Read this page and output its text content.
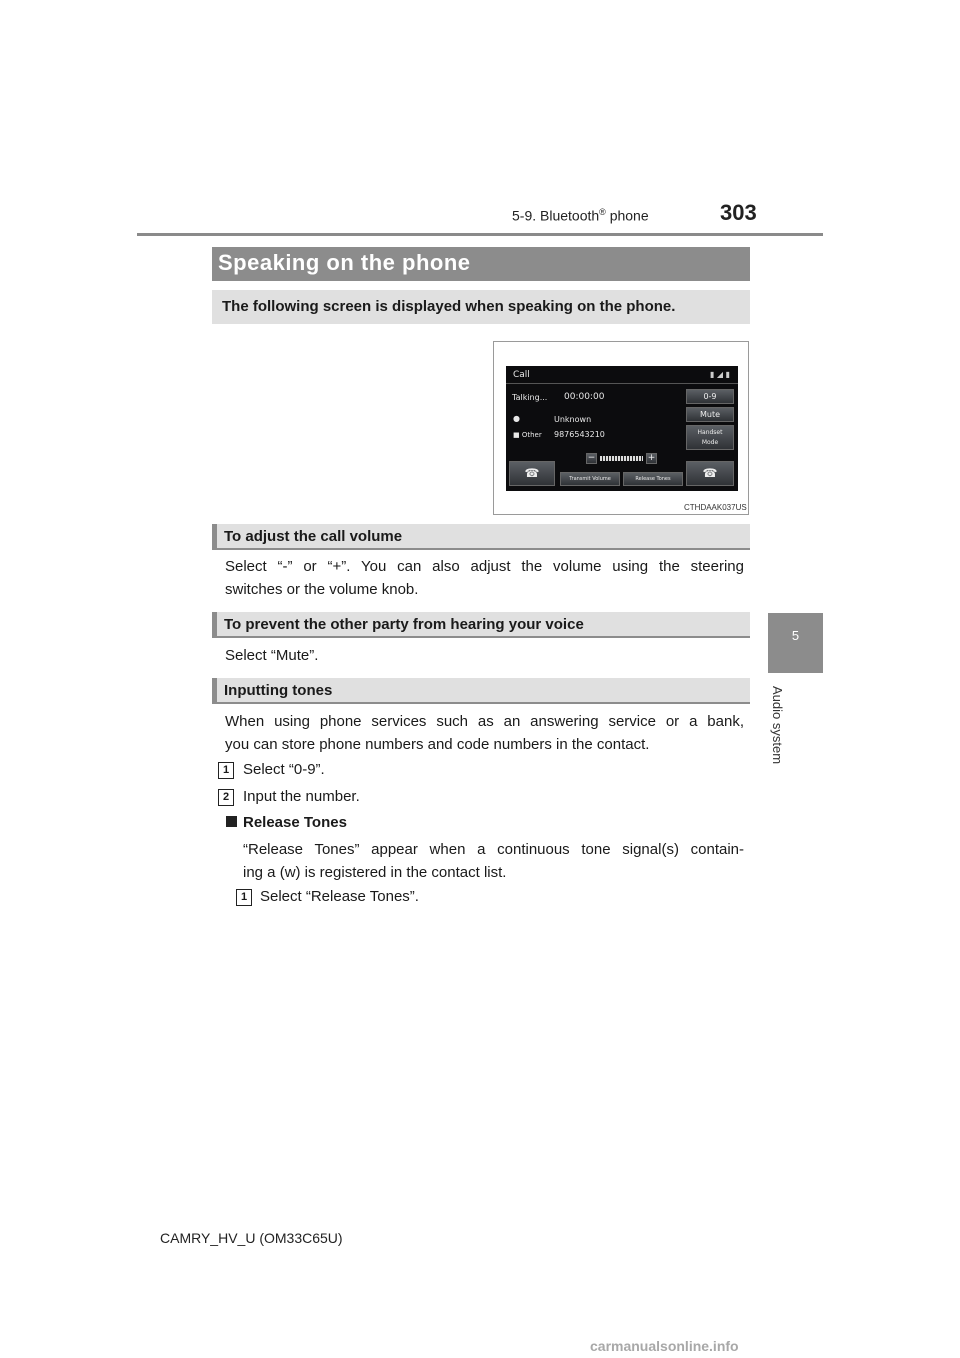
5-9. Bluetooth® phone	303
5
Audio system
Speaking on the phone
The following screen is displayed when speaking on the phone.
Call	▮ ◢ ▮
Talking... 00:00:00
●	Unknown
■ Other 9876543210
0-9
Mute
Handset
Mode
☎	☎
Transmit Volume	Release Tones
−	+
CTHDAAK037US
To adjust the call volume
Select “-” or “+”. You can also adjust the volume using the steering
switches or the volume knob.
To prevent the other party from hearing your voice
Select “Mute”.
Inputting tones
When using phone services such as an answering service or a bank,
you can store phone numbers and code numbers in the contact.
1 Select “0-9”.
2 Input the number.
Release Tones
“Release Tones” appear when a continuous tone signal(s) contain-
ing a (w) is registered in the contact list.
1 Select “Release Tones”.
CAMRY_HV_U (OM33C65U)
carmanualsonline.info
